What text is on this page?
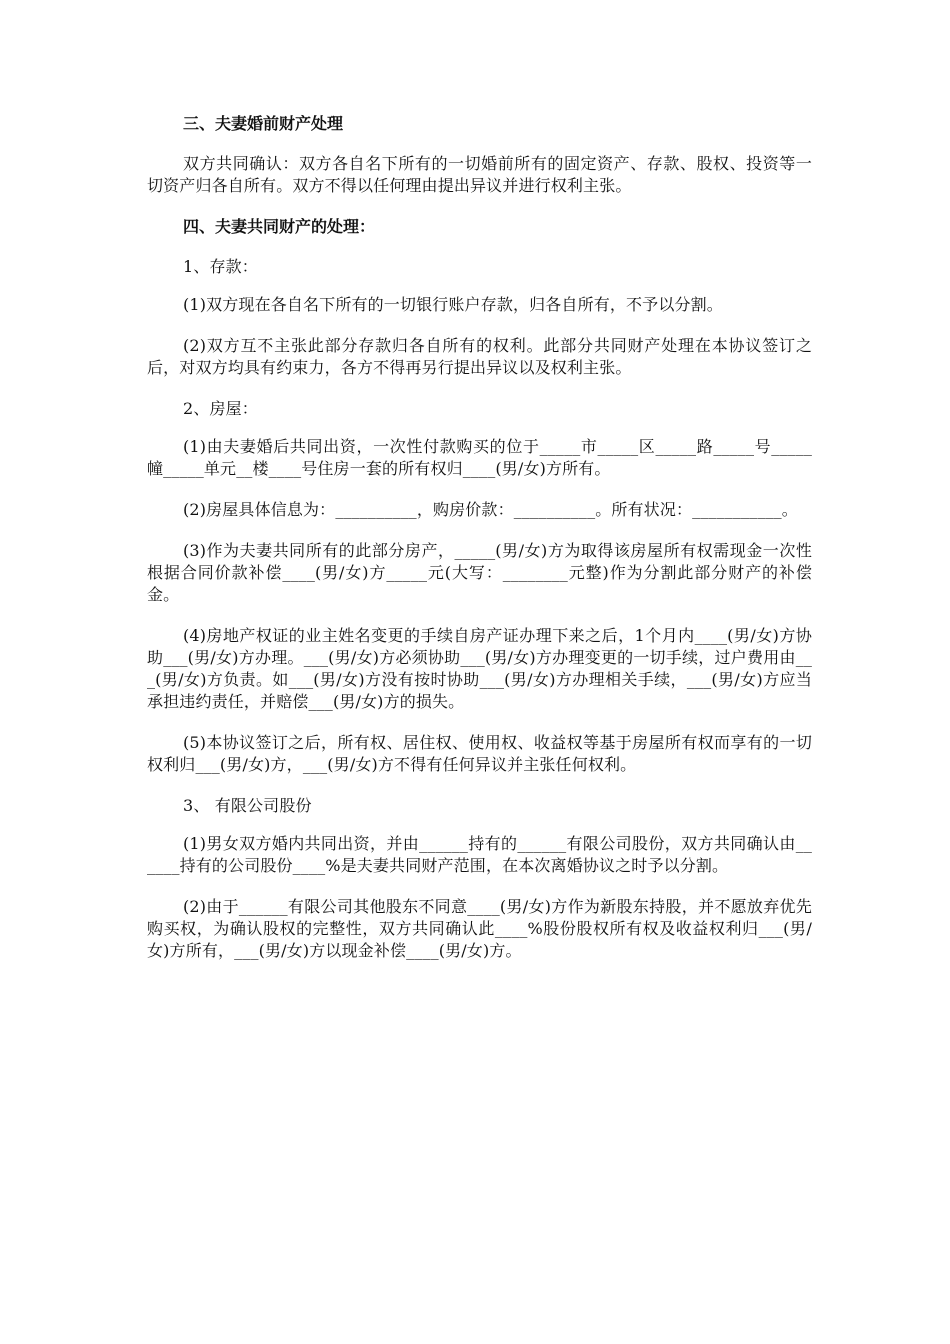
三、夫妻婚前财产处理

双方共同确认：双方各自名下所有的一切婚前所有的固定资产、存款、股权、投资等一切资产归各自所有。双方不得以任何理由提出异议并进行权利主张。

四、夫妻共同财产的处理：

1、存款：

(1)双方现在各自名下所有的一切银行账户存款，归各自所有，不予以分割。

(2)双方互不主张此部分存款归各自所有的权利。此部分共同财产处理在本协议签订之后，对双方均具有约束力，各方不得再另行提出异议以及权利主张。

2、房屋：

(1)由夫妻婚后共同出资，一次性付款购买的位于_____市_____区_____路_____号_____幢_____单元__楼____号住房一套的所有权归____(男/女)方所有。

(2)房屋具体信息为：__________，购房价款：__________。所有状况：___________。

(3)作为夫妻共同所有的此部分房产，_____(男/女)方为取得该房屋所有权需现金一次性根据合同价款补偿____(男/女)方_____元(大写：________元整)作为分割此部分财产的补偿金。

(4)房地产权证的业主姓名变更的手续自房产证办理下来之后，1个月内____(男/女)方协助___(男/女)方办理。___(男/女)方必须协助___(男/女)方办理变更的一切手续，过户费用由___(男/女)方负责。如___(男/女)方没有按时协助___(男/女)方办理相关手续，___(男/女)方应当承担违约责任，并赔偿___(男/女)方的损失。

(5)本协议签订之后，所有权、居住权、使用权、收益权等基于房屋所有权而享有的一切权利归___(男/女)方，___(男/女)方不得有任何异议并主张任何权利。

3、 有限公司股份

(1)男女双方婚内共同出资，并由______持有的______有限公司股份，双方共同确认由______持有的公司股份____%是夫妻共同财产范围，在本次离婚协议之时予以分割。

(2)由于______有限公司其他股东不同意____(男/女)方作为新股东持股，并不愿放弃优先购买权，为确认股权的完整性，双方共同确认此____%股份股权所有权及收益权利归___(男/女)方所有，___(男/女)方以现金补偿____(男/女)方。
